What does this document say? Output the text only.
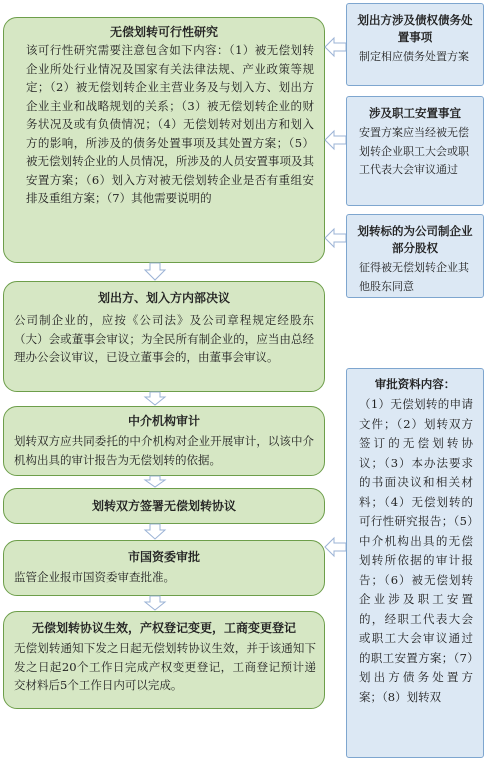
无偿划转可行性研究
该可行性研究需要注意包含如下内容：（1）被无偿划转企业所处行业情况及国家有关法律法规、产业政策等规定；（2）被无偿划转企业主营业务及与划入方、划出方企业主业和战略规划的关系；（3）被无偿划转企业的财务状况及或有负债情况；（4）无偿划转对划出方和划入方的影响，所涉及的债务处置事项及其处置方案；（5）被无偿划转企业的人员情况，所涉及的人员安置事项及其安置方案；（6）划入方对被无偿划转企业是否有重组安排及重组方案；（7）其他需要说明的
划出方、划入方内部决议
公司制企业的，应按《公司法》及公司章程规定经股东（大）会或董事会审议；为全民所有制企业的，应当由总经理办公会议审议，已设立董事会的，由董事会审议。
中介机构审计
划转双方应共同委托的中介机构对企业开展审计，以该中介机构出具的审计报告为无偿划转的依据。
划转双方签署无偿划转协议
市国资委审批
监管企业报市国资委审查批准。
无偿划转协议生效，产权登记变更，工商变更登记
无偿划转通知下发之日起无偿划转协议生效，并于该通知下发之日起20个工作日完成产权变更登记，工商登记预计递交材料后5个工作日内可以完成。
划出方涉及债权债务处置事项
制定相应债务处置方案
涉及职工安置事宜
安置方案应当经被无偿划转企业职工大会或职工代表大会审议通过
划转标的为公司制企业部分股权
征得被无偿划转企业其他股东同意
审批资料内容：
（1）无偿划转的申请文件；（2）划转双方签订的无偿划转协议；（3）本办法要求的书面决议和相关材料；（4）无偿划转的可行性研究报告；（5）中介机构出具的无偿划转所依据的审计报告；（6）被无偿划转企业涉及职工安置的，经职工代表大会或职工大会审议通过的职工安置方案；（7）划出方债务处置方案；（8）划转双
